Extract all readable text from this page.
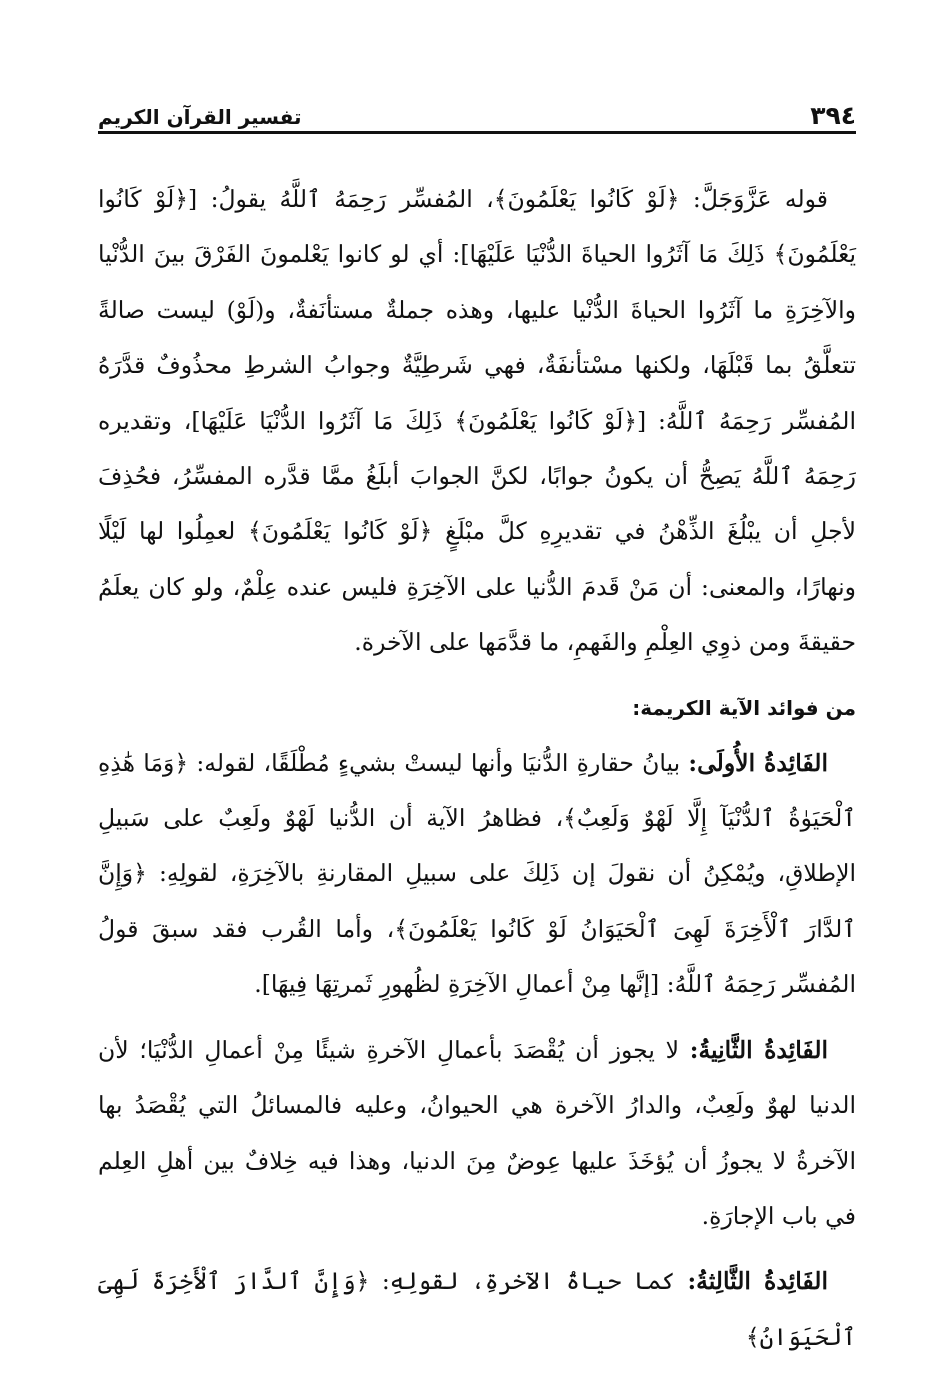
٣٩٤
تفسير القرآن الكريم

قوله عَزَّوَجَلَّ: ﴿لَوْ كَانُوا يَعْلَمُونَ﴾، المُفسِّر رَحِمَهُ ٱللَّهُ يقولُ: [﴿لَوْ كَانُوا يَعْلَمُونَ﴾ ذَلِكَ مَا آثَرُوا الحياةَ الدُّنْيَا عَلَيْهَا]: أي لو كانوا يَعْلمونَ الفَرْقَ بينَ الدُّنْيا والآخِرَةِ ما آثَرُوا الحياةَ الدُّنْيا عليها، وهذه جملةٌ مستأنَفةٌ، و(لَوْ) ليست صالةً تتعلَّقُ بما قَبْلَهَا، ولكنها مسْتأنفَةٌ، فهي شَرطِيَّةٌ وجوابُ الشرطِ محذُوفٌ قدَّرَهُ المُفسِّر رَحِمَهُ ٱللَّهُ: [﴿لَوْ كَانُوا يَعْلَمُونَ﴾ ذَلِكَ مَا آثَرُوا الدُّنْيَا عَلَيْهَا]، وتقديره رَحِمَهُ ٱللَّهُ يَصِحُّ أن يكونُ جوابًا، لكنَّ الجوابَ أبلَغُ ممَّا قدَّره المفسِّرُ، فحُذِفَ لأجلِ أن يبْلُغَ الذِّهْنُ في تقديرِهِ كلَّ مبْلَغٍ ﴿لَوْ كَانُوا يَعْلَمُونَ﴾ لعمِلُوا لها لَيْلًا ونهارًا، والمعنى: أن مَنْ قَدمَ الدُّنيا على الآخِرَةِ فليس عنده عِلْمٌ، ولو كان يعلَمُ حقيقةَ ومن ذوِي العِلْمِ والفَهمِ، ما قدَّمَها على الآخرة.

من فوائد الآية الكريمة:

الفَائِدةُ الأُولَى: بيانُ حقارةِ الدُّنيَا وأنها ليستْ بشيءٍ مُطْلَقًا، لقوله: ﴿وَمَا هَٰذِهِ ٱلْحَيَوٰةُ ٱلدُّنْيَآ إِلَّا لَهْوٌ وَلَعِبٌ﴾، فظاهرُ الآية أن الدُّنيا لَهْوٌ ولَعِبٌ على سَبيلِ الإطلاقِ، ويُمْكِنُ أن نقولَ إن ذَلِكَ على سبيلِ المقارنةِ بالآخِرَةِ، لقولِهِ: ﴿وَإِنَّ ٱلدَّارَ ٱلْأَخِرَةَ لَهِىَ ٱلْحَيَوَانُ لَوْ كَانُوا يَعْلَمُونَ﴾، وأما القُرب فقد سبقَ قولُ المُفسِّر رَحِمَهُ ٱللَّهُ: [إنَّها مِنْ أعمالِ الآخِرَةِ لظُهورِ ثَمرتِهَا فِيهَا].

الفَائِدةُ الثَّانِيةُ: لا يجوز أن يُقْصَدَ بأعمالِ الآخرةِ شيئًا مِنْ أعمالِ الدُّنْيَا؛ لأن الدنيا لهوٌ ولَعِبٌ، والدارُ الآخرة هي الحيوانُ، وعليه فالمسائلُ التي يُقْصَدُ بها الآخرةُ لا يجوزُ أن يُؤخَذَ عليها عِوضٌ مِنَ الدنيا، وهذا فيه خِلافٌ بين أهلِ العِلم في باب الإجارَةِ.

الفَائِدةُ الثَّالِثةُ: كما حياةُ الآخرةِ، لقولِهِ: ﴿وَإِنَّ ٱلدَّارَ ٱلْأَخِرَةَ لَهِىَ ٱلْحَيَوَانُ﴾
